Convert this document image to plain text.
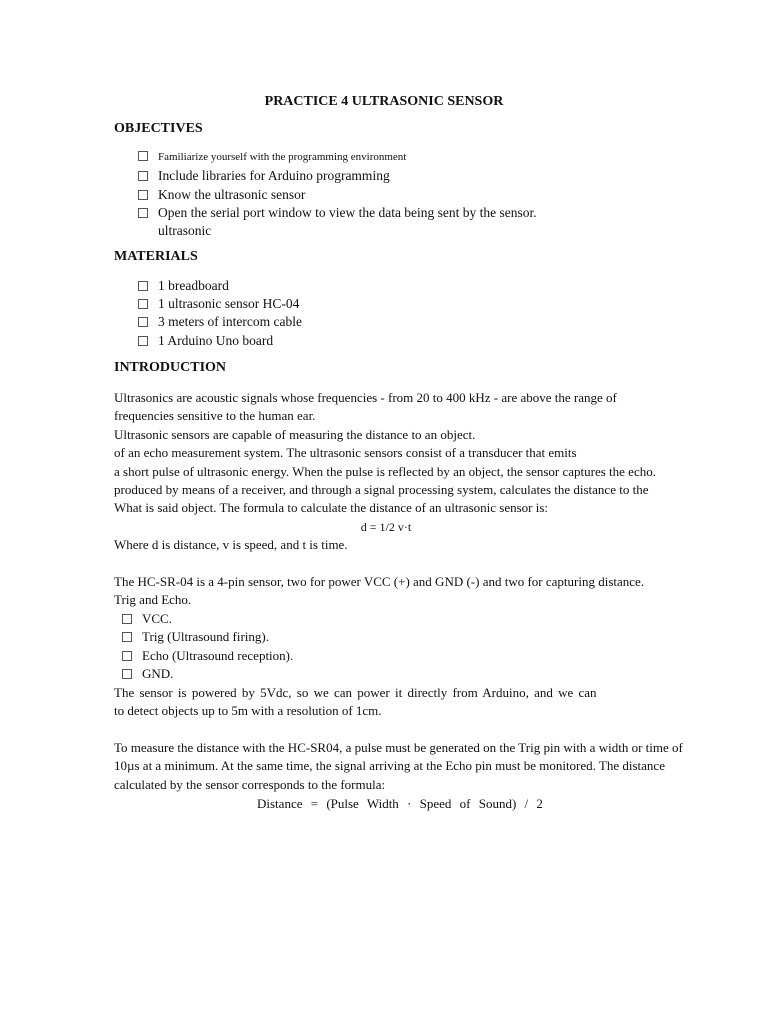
PRACTICE 4 ULTRASONIC SENSOR
OBJECTIVES
Familiarize yourself with the programming environment
Include libraries for Arduino programming
Know the ultrasonic sensor
Open the serial port window to view the data being sent by the sensor.
ultrasonic
MATERIALS
1 breadboard
1 ultrasonic sensor HC-04
3 meters of intercom cable
1 Arduino Uno board
INTRODUCTION
Ultrasonics are acoustic signals whose frequencies - from 20 to 400 kHz - are above the range of
frequencies sensitive to the human ear.
Ultrasonic sensors are capable of measuring the distance to an object.
of an echo measurement system. The ultrasonic sensors consist of a transducer that emits
a short pulse of ultrasonic energy. When the pulse is reflected by an object, the sensor captures the echo.
produced by means of a receiver, and through a signal processing system, calculates the distance to the
What is said object. The formula to calculate the distance of an ultrasonic sensor is:
d = 1/2 v·t
Where d is distance, v is speed, and t is time.
The HC-SR-04 is a 4-pin sensor, two for power VCC (+) and GND (-) and two for capturing distance.
Trig and Echo.
VCC.
Trig (Ultrasound firing).
Echo (Ultrasound reception).
GND.
The sensor is powered by 5Vdc, so we can power it directly from Arduino, and we can
to detect objects up to 5m with a resolution of 1cm.
To measure the distance with the HC-SR04, a pulse must be generated on the Trig pin with a width or time of
10µs at a minimum. At the same time, the signal arriving at the Echo pin must be monitored. The distance
calculated by the sensor corresponds to the formula:
Distance = (Pulse Width · Speed of Sound) / 2
